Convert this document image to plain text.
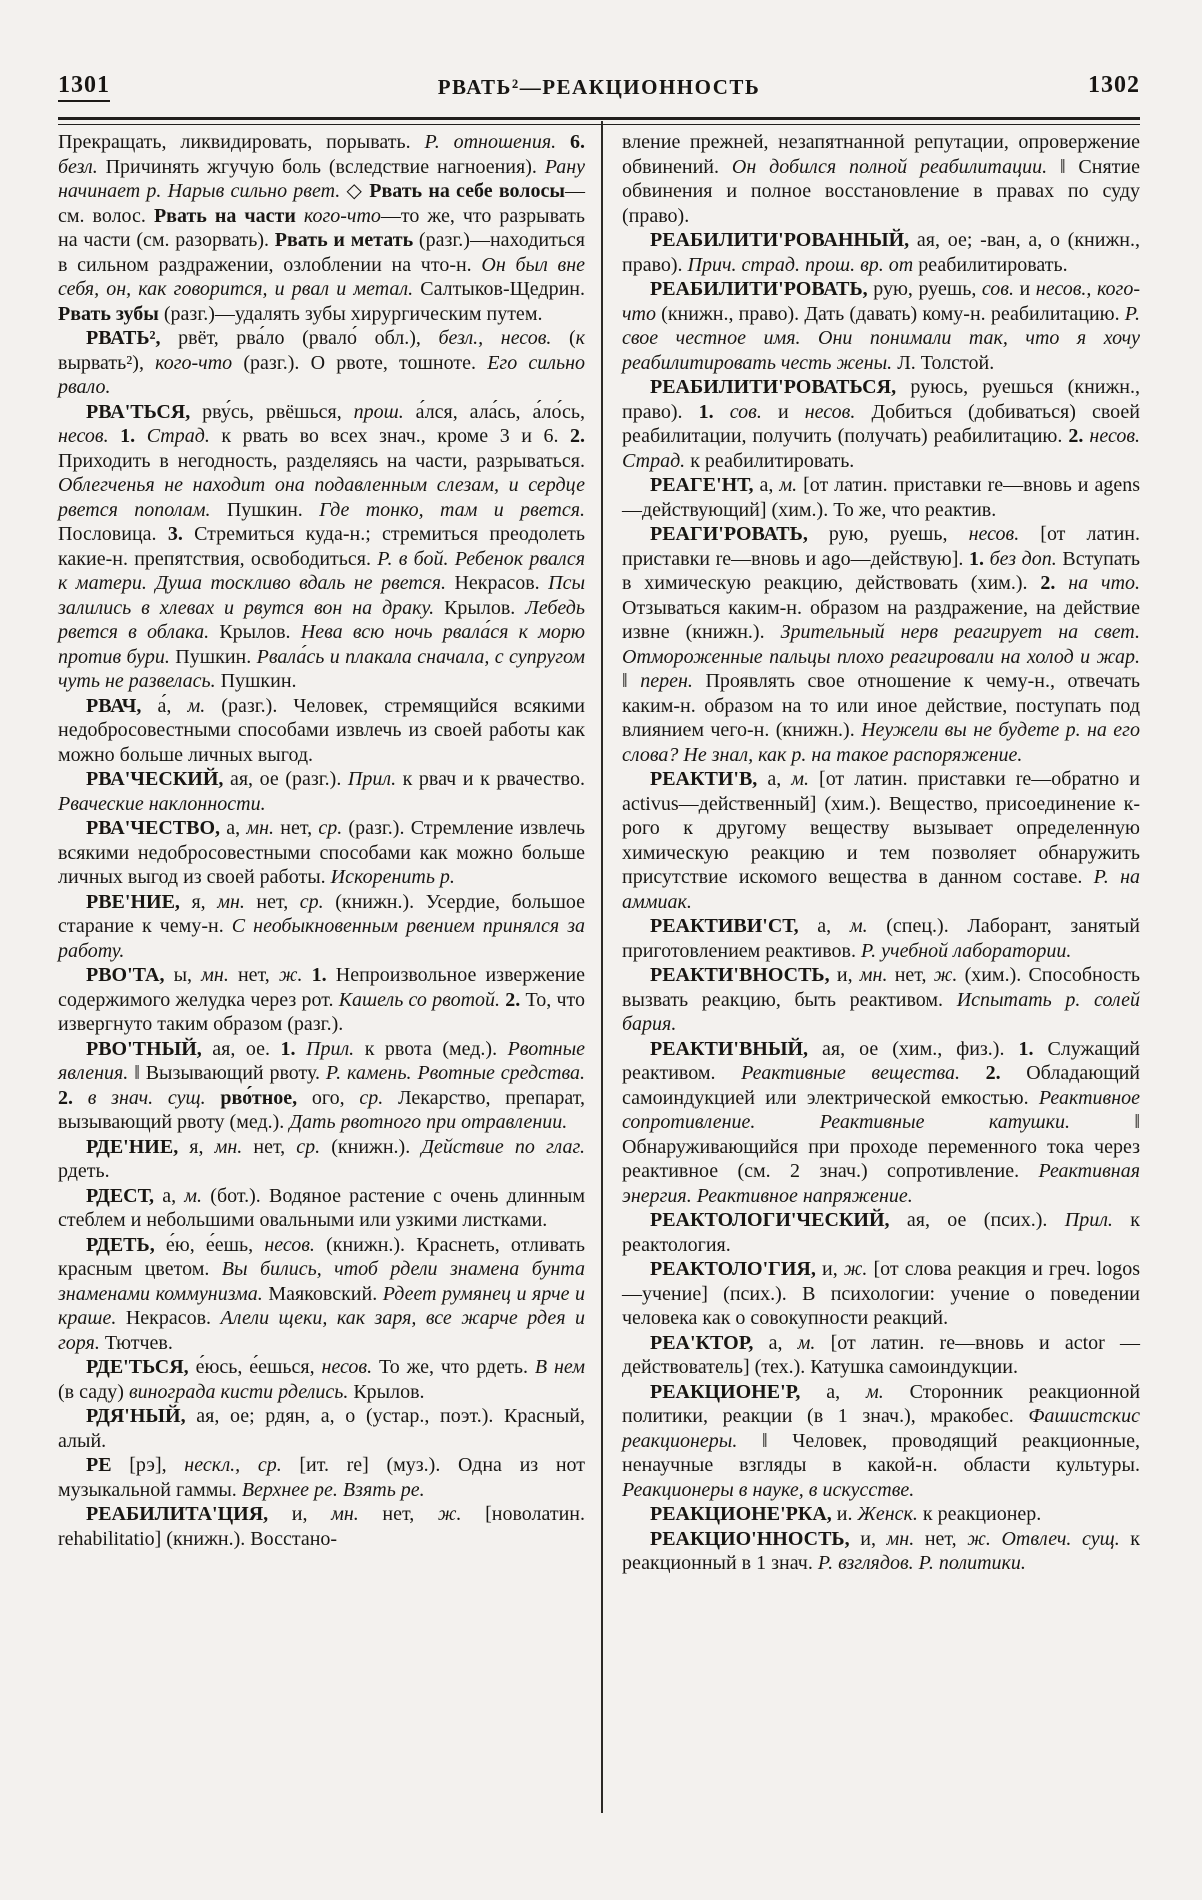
РВАТЬ²—РЕАКЦИОННОСТЬ
1301	1302

Прекращать, ликвидировать, порывать. Р. отношения. 6. безл. Причинять жгучую боль (вследствие нагноения). Рану начинает р. Нарыв сильно рвет. ◇ Рвать на себе волосы—см. волос. Рвать на части кого-что—то же, что разрывать на части (см. разорвать). Рвать и метать (разг.)—находиться в сильном раздражении, озлоблении на что-н. Он был вне себя, он, как говорится, и рвал и метал. Салтыков-Щедрин. Рвать зубы (разг.)—удалять зубы хирургическим путем.

РВАТЬ², рвёт, рва́ло (рвало́ обл.), безл., несов. (к вырвать²), кого-что (разг.). О рвоте, тошноте. Его сильно рвало.

РВА'ТЬСЯ, рву́сь, рвёшься, прош. а́лся, ала́сь, а́ло́сь, несов. 1. Страд. к рвать во всех знач., кроме 3 и 6. 2. Приходить в негодность, разделяясь на части, разрываться. Облегченья не находит она подавленным слезам, и сердце рвется пополам. Пушкин. Где тонко, там и рвется. Пословица. 3. Стремиться куда-н.; стремиться преодолеть какие-н. препятствия, освободиться. Р. в бой. Ребенок рвался к матери. Душа тоскливо вдаль не рвется. Некрасов. Псы залились в хлевах и рвутся вон на драку. Крылов. Лебедь рвется в облака. Крылов. Нева всю ночь рвала́ся к морю против бури. Пушкин. Рвала́сь и плакала сначала, с супругом чуть не развелась. Пушкин.

РВАЧ, а́, м. (разг.). Человек, стремящийся всякими недобросовестными способами извлечь из своей работы как можно больше личных выгод.

РВА'ЧЕСКИЙ, ая, ое (разг.). Прил. к рвач и к рвачество. Рваческие наклонности.

РВА'ЧЕСТВО, а, мн. нет, ср. (разг.). Стремление извлечь всякими недобросовестными способами как можно больше личных выгод из своей работы. Искоренить р.

РВЕ'НИЕ, я, мн. нет, ср. (книжн.). Усердие, большое старание к чему-н. С необыкновенным рвением принялся за работу.

РВО'ТА, ы, мн. нет, ж. 1. Непроизвольное извержение содержимого желудка через рот. Кашель со рвотой. 2. То, что извергнуто таким образом (разг.).

РВО'ТНЫЙ, ая, ое. 1. Прил. к рвота (мед.). Рвотные явления. ‖ Вызывающий рвоту. Р. камень. Рвотные средства. 2. в знач. сущ. рво́тное, ого, ср. Лекарство, препарат, вызывающий рвоту (мед.). Дать рвотного при отравлении.

РДЕ'НИЕ, я, мн. нет, ср. (книжн.). Действие по глаг. рдеть.

РДЕСТ, а, м. (бот.). Водяное растение с очень длинным стеблем и небольшими овальными или узкими листками.

РДЕТЬ, е́ю, е́ешь, несов. (книжн.). Краснеть, отливать красным цветом. Вы бились, чтоб рдели знамена бунта знаменами коммунизма. Маяковский. Рдеет румянец и ярче и краше. Некрасов. Алели щеки, как заря, все жарче рдея и горя. Тютчев.

РДЕ'ТЬСЯ, е́юсь, е́ешься, несов. То же, что рдеть. В нем (в саду) винограда кисти рделись. Крылов.

РДЯ'НЫЙ, ая, ое; рдян, а, о (устар., поэт.). Красный, алый.

РЕ [рэ], нескл., ср. [ит. re] (муз.). Одна из нот музыкальной гаммы. Верхнее ре. Взять ре.

РЕАБИЛИТА'ЦИЯ, и, мн. нет, ж. [новолатин. rehabilitatio] (книжн.). Восстано-

вление прежней, незапятнанной репутации, опровержение обвинений. Он добился полной реабилитации. ‖ Снятие обвинения и полное восстановление в правах по суду (право).

РЕАБИЛИТИ'РОВАННЫЙ, ая, ое; -ван, а, о (книжн., право). Прич. страд. прош. вр. от реабилитировать.

РЕАБИЛИТИ'РОВАТЬ, рую, руешь, сов. и несов., кого-что (книжн., право). Дать (давать) кому-н. реабилитацию. Р. свое честное имя. Они понимали так, что я хочу реабилитировать честь жены. Л. Толстой.

РЕАБИЛИТИ'РОВАТЬСЯ, руюсь, руешься (книжн., право). 1. сов. и несов. Добиться (добиваться) своей реабилитации, получить (получать) реабилитацию. 2. несов. Страд. к реабилитировать.

РЕАГЕ'НТ, а, м. [от латин. приставки re—вновь и agens—действующий] (хим.). То же, что реактив.

РЕАГИ'РОВАТЬ, рую, руешь, несов. [от латин. приставки re—вновь и ago—действую]. 1. без доп. Вступать в химическую реакцию, действовать (хим.). 2. на что. Отзываться каким-н. образом на раздражение, на действие извне (книжн.). Зрительный нерв реагирует на свет. Отмороженные пальцы плохо реагировали на холод и жар. ‖ перен. Проявлять свое отношение к чему-н., отвечать каким-н. образом на то или иное действие, поступать под влиянием чего-н. (книжн.). Неужели вы не будете р. на его слова? Не знал, как р. на такое распоряжение.

РЕАКТИ'В, а, м. [от латин. приставки re—обратно и activus—действенный] (хим.). Вещество, присоединение к-рого к другому веществу вызывает определенную химическую реакцию и тем позволяет обнаружить присутствие искомого вещества в данном составе. Р. на аммиак.

РЕАКТИВИ'СТ, а, м. (спец.). Лаборант, занятый приготовлением реактивов. Р. учебной лаборатории.

РЕАКТИ'ВНОСТЬ, и, мн. нет, ж. (хим.). Способность вызвать реакцию, быть реактивом. Испытать р. солей бария.

РЕАКТИ'ВНЫЙ, ая, ое (хим., физ.). 1. Служащий реактивом. Реактивные вещества. 2. Обладающий самоиндукцией или электрической емкостью. Реактивное сопротивление. Реактивные катушки. ‖ Обнаруживающийся при проходе переменного тока через реактивное (см. 2 знач.) сопротивление. Реактивная энергия. Реактивное напряжение.

РЕАКТОЛОГИ'ЧЕСКИЙ, ая, ое (псих.). Прил. к реактология.

РЕАКТОЛО'ГИЯ, и, ж. [от слова реакция и греч. logos—учение] (псих.). В психологии: учение о поведении человека как о совокупности реакций.

РЕА'КТОР, а, м. [от латин. re—вновь и actor — действователь] (тех.). Катушка самоиндукции.

РЕАКЦИОНЕ'Р, а, м. Сторонник реакционной политики, реакции (в 1 знач.), мракобес. Фашистскис реакционеры. ‖ Человек, проводящий реакционные, ненаучные взгляды в какой-н. области культуры. Реакционеры в науке, в искусстве.

РЕАКЦИОНЕ'РКА, и. Женск. к реакционер.

РЕАКЦИО'ННОСТЬ, и, мн. нет, ж. Отвлеч. сущ. к реакционный в 1 знач. Р. взглядов. Р. политики.
